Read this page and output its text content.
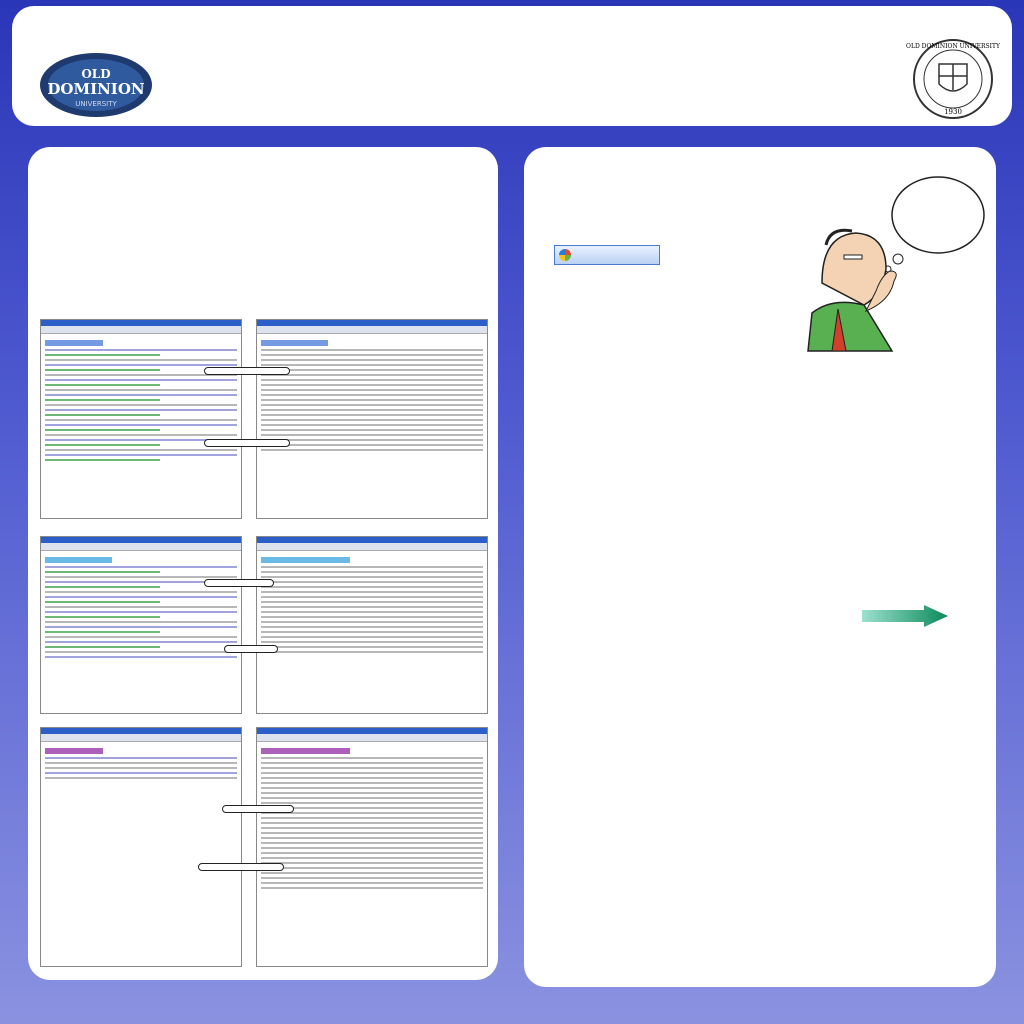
OLD
DOMINION
UNIVERSITY
OLD DOMINION UNIVERSITY
1930
